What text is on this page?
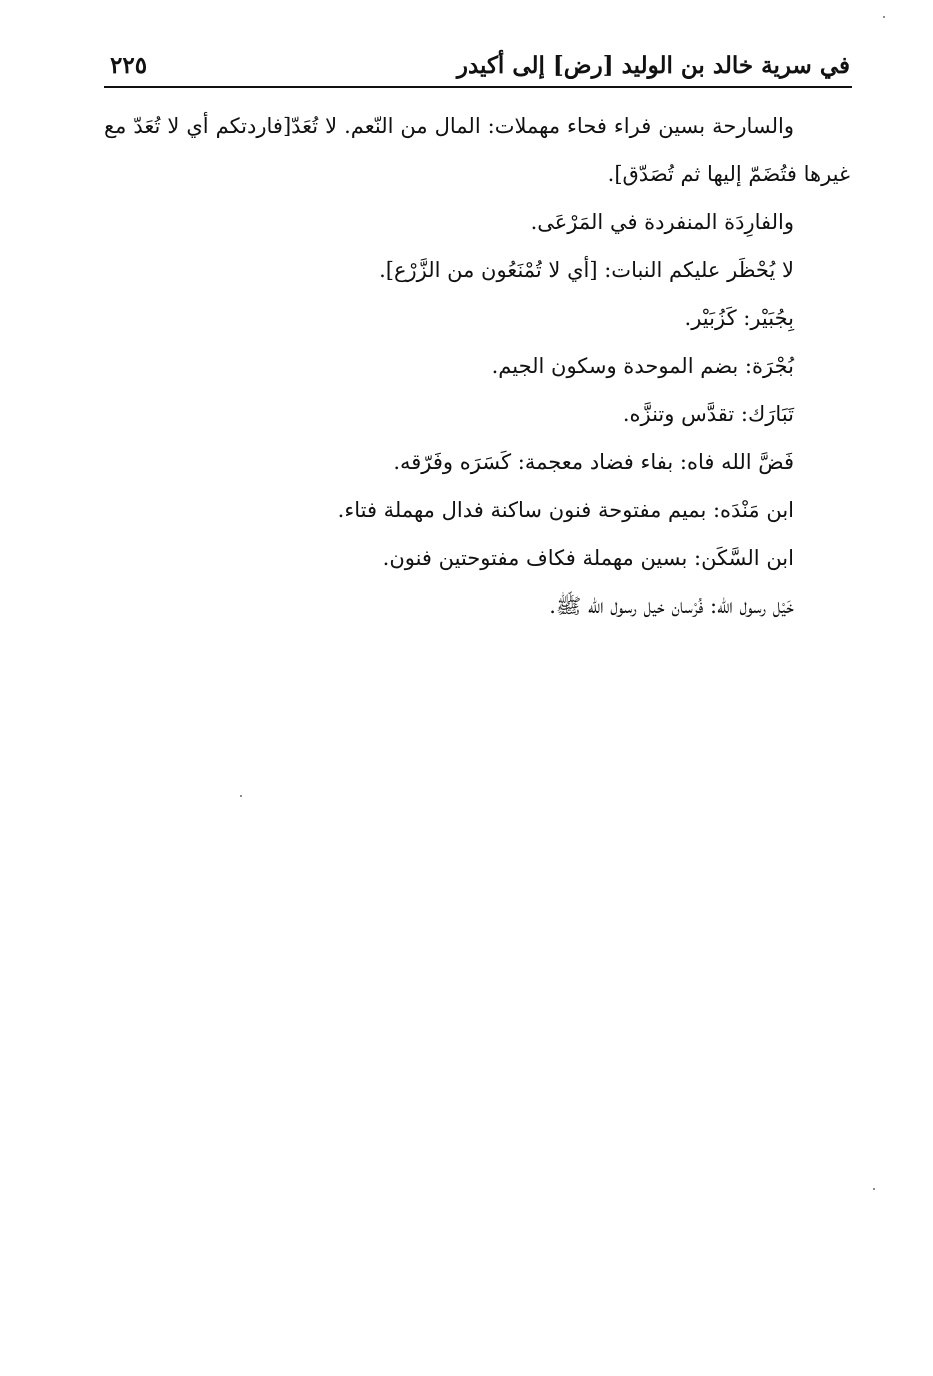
في سرية خالد بن الوليد [رض] إلى أكيدر
٢٢٥

والسارحة بسين فراء فحاء مهملات: المال من النّعم. لا تُعَدّ[فاردتكم أي لا تُعَدّ مع غيرها فتُضَمّ إليها ثم تُصَدّق].

والفارِدَة المنفردة في المَرْعَى.

لا يُحْظَر عليكم النبات: [أي لا تُمْنَعُون من الزَّرْع].

بِجُبَيْر: كَزُبَيْر.

بُجْرَة: بضم الموحدة وسكون الجيم.

تَبَارَك: تقدَّس وتنزَّه.

فَضَّ الله فاه: بفاء فضاد معجمة: كَسَرَه وفَرّقه.

ابن مَنْدَه: بميم مفتوحة فنون ساكنة فدال مهملة فتاء.

ابن السَّكَن: بسين مهملة فكاف مفتوحتين فنون.

خَيْل رسول الله: فُرْسان خيل رسول الله ﷺ.
